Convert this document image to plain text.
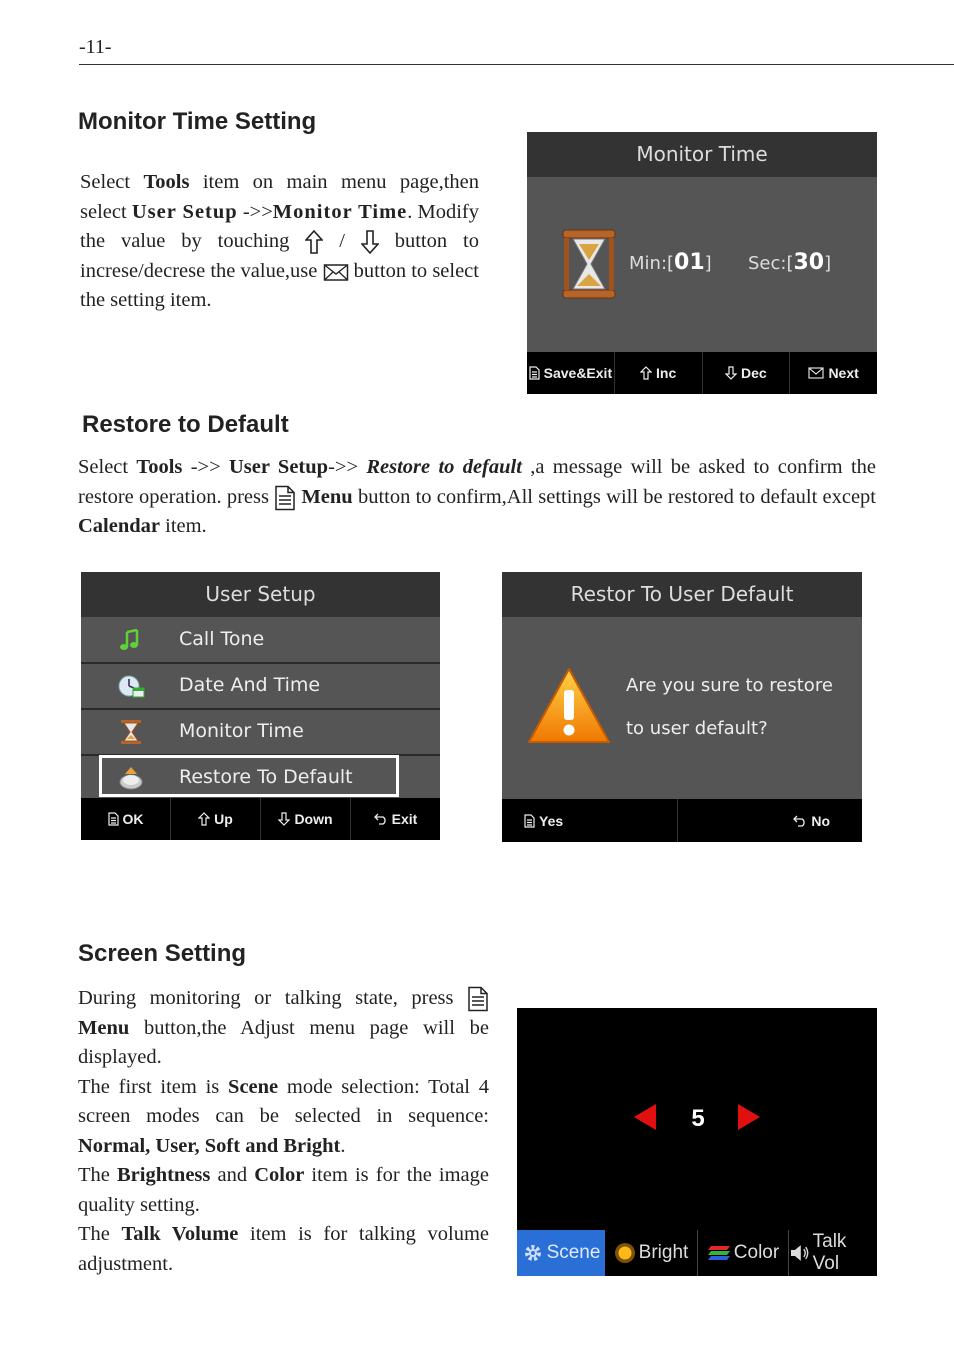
-11-
Monitor Time Setting
Select Tools item on main menu page,then select User Setup ->>Monitor Time. Modify the value by touching  /  button to increse/decrese the value,use  button to select the setting item.
Monitor Time
Min:[01] Sec:[30]
Save&Exit	Inc	Dec	Next
Restore to Default
Select Tools ->> User Setup->> Restore to default ,a message will be asked to confirm the restore operation. press  Menu button to confirm,All settings will be restored to default except Calendar item.
User Setup
Call Tone
Date And Time
Monitor Time
Restore To Default
OK	Up	Down	Exit
Restor To User Default
Are you sure to restore
to user default?
Yes	No
Screen Setting
During monitoring or talking state, press  Menu button,the Adjust menu page will be displayed.
The first item is Scene mode selection: Total 4 screen modes can be selected in sequence: Normal, User, Soft and Bright.
The Brightness and Color item is for the image quality setting.
The Talk Volume item is for talking volume adjustment.
5
Scene Bright Color
Talk Vol
